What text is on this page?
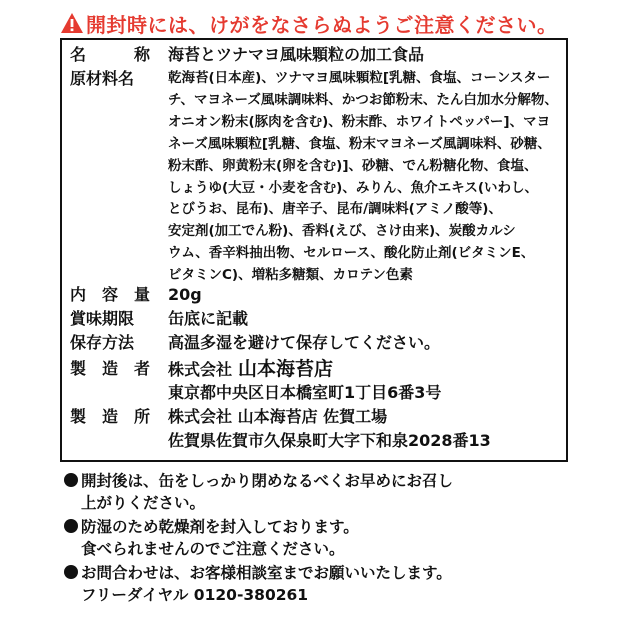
開封時には、けがをなさらぬようご注意ください。
名	称 海苔とツナマヨ風味顆粒の加工食品
原材料名	乾海苔(日本産)、ツナマヨ風味顆粒[乳糖、食塩、コーンスター
チ、マヨネーズ風味調味料、かつお節粉末、たん白加水分解物、
オニオン粉末(豚肉を含む)、粉末酢、ホワイトペッパー]、マヨ
ネーズ風味顆粒[乳糖、食塩、粉末マヨネーズ風調味料、砂糖、
粉末酢、卵黄粉末(卵を含む)]、砂糖、でん粉糖化物、食塩、
しょうゆ(大豆・小麦を含む)、みりん、魚介エキス(いわし、
とびうお、昆布)、唐辛子、昆布/調味料(アミノ酸等)、
安定剤(加工でん粉)、香料(えび、さけ由来)、炭酸カルシ
ウム、香辛料抽出物、セルロース、酸化防止剤(ビタミンE、
ビタミンC)、増粘多糖類、カロテン色素
内 容 量 20g
賞味期限	缶底に記載
保存方法	高温多湿を避けて保存してください。
製 造 者 株式会社 山本海苔店
東京都中央区日本橋室町1丁目6番3号
製 造 所 株式会社 山本海苔店 佐賀工場
佐賀県佐賀市久保泉町大字下和泉2028番13
開封後は、缶をしっかり閉めなるべくお早めにお召し
上がりください。
防湿のため乾燥剤を封入しております。
食べられませんのでご注意ください。
お問合わせは、お客様相談室までお願いいたします。
フリーダイヤル 0120-380261
